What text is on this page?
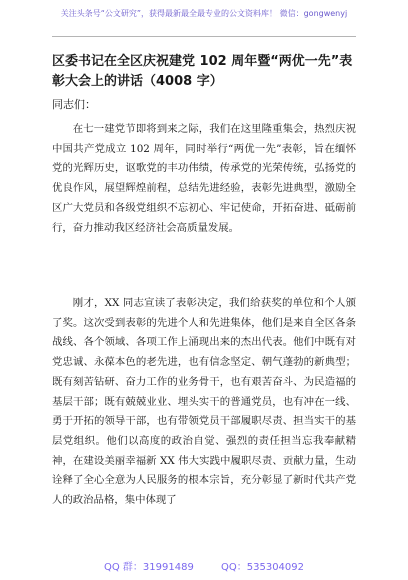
关注头条号“公文研究”，获得最新最全最专业的公文资料库！ 微信：gongwenyj
区委书记在全区庆祝建党 102 周年暨“两优一先”表彰大会上的讲话（4008 字）
同志们：

在七一建党节即将到来之际，我们在这里隆重集会，热烈庆祝中国共产党成立 102 周年，同时举行“两优一先”表彰，旨在缅怀党的光辉历史，讴歌党的丰功伟绩，传承党的光荣传统，弘扬党的优良作风，展望辉煌前程，总结先进经验，表彰先进典型，激励全区广大党员和各级党组织不忘初心、牢记使命，开拓奋进、砥砺前行，奋力推动我区经济社会高质量发展。

刚才，XX 同志宣读了表彰决定，我们给获奖的单位和个人颁了奖。这次受到表彰的先进个人和先进集体，他们是来自全区各条战线、各个领域、各项工作上涌现出来的杰出代表。他们中既有对党忠诚、永葆本色的老先进，也有信念坚定、朝气蓬勃的新典型；既有刻苦钻研、奋力工作的业务骨干，也有艰苦奋斗、为民造福的基层干部；既有兢兢业业、埋头实干的普通党员，也有冲在一线、勇于开拓的领导干部，也有带领党员干部履职尽责、担当实干的基层党组织。他们以高度的政治自觉、强烈的责任担当忘我奉献精神，在建设美丽幸福新 XX 伟大实践中履职尽责、贡献力量，生动诠释了全心全意为人民服务的根本宗旨，充分彰显了新时代共产党人的政治品格，集中体现了

QQ 群：31991489	QQ：535304092
